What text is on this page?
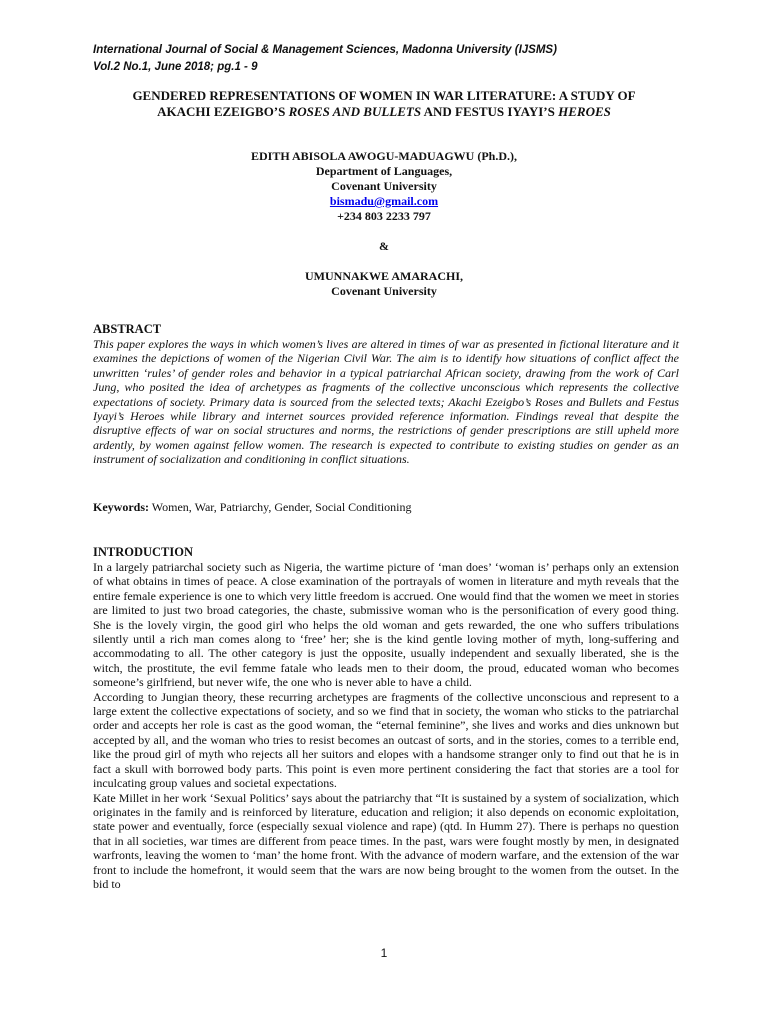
International Journal of Social & Management Sciences, Madonna University (IJSMS)
Vol.2 No.1, June 2018; pg.1 - 9
GENDERED REPRESENTATIONS OF WOMEN IN WAR LITERATURE: A STUDY OF
AKACHI EZEIGBO’S ROSES AND BULLETS AND FESTUS IYAYI’S HEROES
EDITH ABISOLA AWOGU-MADUAGWU (Ph.D.),
Department of Languages,
Covenant University
bismadu@gmail.com
+234 803 2233 797
&
UMUNNAKWE AMARACHI,
Covenant University
ABSTRACT
This paper explores the ways in which women’s lives are altered in times of war as presented in fictional literature and it examines the depictions of women of the Nigerian Civil War. The aim is to identify how situations of conflict affect the unwritten ‘rules’ of gender roles and behavior in a typical patriarchal African society, drawing from the work of Carl Jung, who posited the idea of archetypes as fragments of the collective unconscious which represents the collective expectations of society. Primary data is sourced from the selected texts; Akachi Ezeigbo’s Roses and Bullets and Festus Iyayi’s Heroes while library and internet sources provided reference information. Findings reveal that despite the disruptive effects of war on social structures and norms, the restrictions of gender prescriptions are still upheld more ardently, by women against fellow women. The research is expected to contribute to existing studies on gender as an instrument of socialization and conditioning in conflict situations.
Keywords: Women, War, Patriarchy, Gender, Social Conditioning
INTRODUCTION

In a largely patriarchal society such as Nigeria, the wartime picture of ‘man does’ ‘woman is’ perhaps only an extension of what obtains in times of peace. A close examination of the portrayals of women in literature and myth reveals that the entire female experience is one to which very little freedom is accrued. One would find that the women we meet in stories are limited to just two broad categories, the chaste, submissive woman who is the personification of every good thing. She is the lovely virgin, the good girl who helps the old woman and gets rewarded, the one who suffers tribulations silently until a rich man comes along to ‘free’ her; she is the kind gentle loving mother of myth, long-suffering and accommodating to all. The other category is just the opposite, usually independent and sexually liberated, she is the witch, the prostitute, the evil femme fatale who leads men to their doom, the proud, educated woman who becomes someone’s girlfriend, but never wife, the one who is never able to have a child.

According to Jungian theory, these recurring archetypes are fragments of the collective unconscious and represent to a large extent the collective expectations of society, and so we find that in society, the woman who sticks to the patriarchal order and accepts her role is cast as the good woman, the “eternal feminine”, she lives and works and dies unknown but accepted by all, and the woman who tries to resist becomes an outcast of sorts, and in the stories, comes to a terrible end, like the proud girl of myth who rejects all her suitors and elopes with a handsome stranger only to find out that he is in fact a skull with borrowed body parts. This point is even more pertinent considering the fact that stories are a tool for inculcating group values and societal expectations.

Kate Millet in her work ‘Sexual Politics’ says about the patriarchy that “It is sustained by a system of socialization, which originates in the family and is reinforced by literature, education and religion; it also depends on economic exploitation, state power and eventually, force (especially sexual violence and rape) (qtd. In Humm 27). There is perhaps no question that in all societies, war times are different from peace times. In the past, wars were fought mostly by men, in designated warfronts, leaving the women to ‘man’ the home front. With the advance of modern warfare, and the extension of the war front to include the homefront, it would seem that the wars are now being brought to the women from the outset. In the bid to

1
